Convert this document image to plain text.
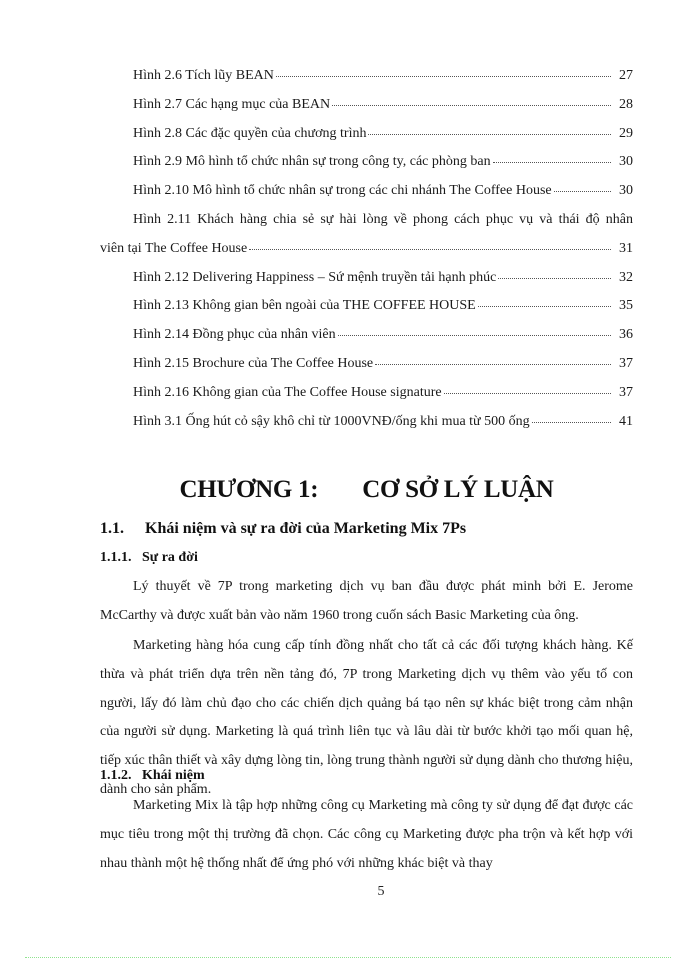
Hình 2.6 Tích lũy BEAN	27
Hình 2.7 Các hạng mục của BEAN	28
Hình 2.8 Các đặc quyền của chương trình	29
Hình 2.9 Mô hình tổ chức nhân sự trong công ty, các phòng ban	30
Hình 2.10 Mô hình tổ chức nhân sự trong các chi nhánh The Coffee House	30
Hình 2.11 Khách hàng chia sẻ sự hài lòng về phong cách phục vụ và thái độ nhân
viên tại The Coffee House	31
Hình 2.12 Delivering Happiness – Sứ mệnh truyền tải hạnh phúc	32
Hình 2.13 Không gian bên ngoài của THE COFFEE HOUSE	35
Hình 2.14 Đồng phục của nhân viên	36
Hình 2.15 Brochure của The Coffee House	37
Hình 2.16 Không gian của The Coffee House signature	37
Hình 3.1 Ống hút cỏ sậy khô chỉ từ 1000VNĐ/ống khi mua từ 500 ống	41
CHƯƠNG 1: CƠ SỞ LÝ LUẬN
1.1. Khái niệm và sự ra đời của Marketing Mix 7Ps
1.1.1. Sự ra đời
Lý thuyết về 7P trong marketing dịch vụ ban đầu được phát minh bởi E. Jerome McCarthy và được xuất bản vào năm 1960 trong cuốn sách Basic Marketing của ông.
Marketing hàng hóa cung cấp tính đồng nhất cho tất cả các đối tượng khách hàng. Kế thừa và phát triển dựa trên nền tảng đó, 7P trong Marketing dịch vụ thêm vào yếu tố con người, lấy đó làm chủ đạo cho các chiến dịch quảng bá tạo nên sự khác biệt trong cảm nhận của người sử dụng. Marketing là quá trình liên tục và lâu dài từ bước khởi tạo mối quan hệ, tiếp xúc thân thiết và xây dựng lòng tin, lòng trung thành người sử dụng dành cho thương hiệu, dành cho sản phẩm.
1.1.2. Khái niệm
Marketing Mix là tập hợp những công cụ Marketing mà công ty sử dụng để đạt được các mục tiêu trong một thị trường đã chọn. Các công cụ Marketing được pha trộn và kết hợp với nhau thành một hệ thống nhất để ứng phó với những khác biệt và thay
5
